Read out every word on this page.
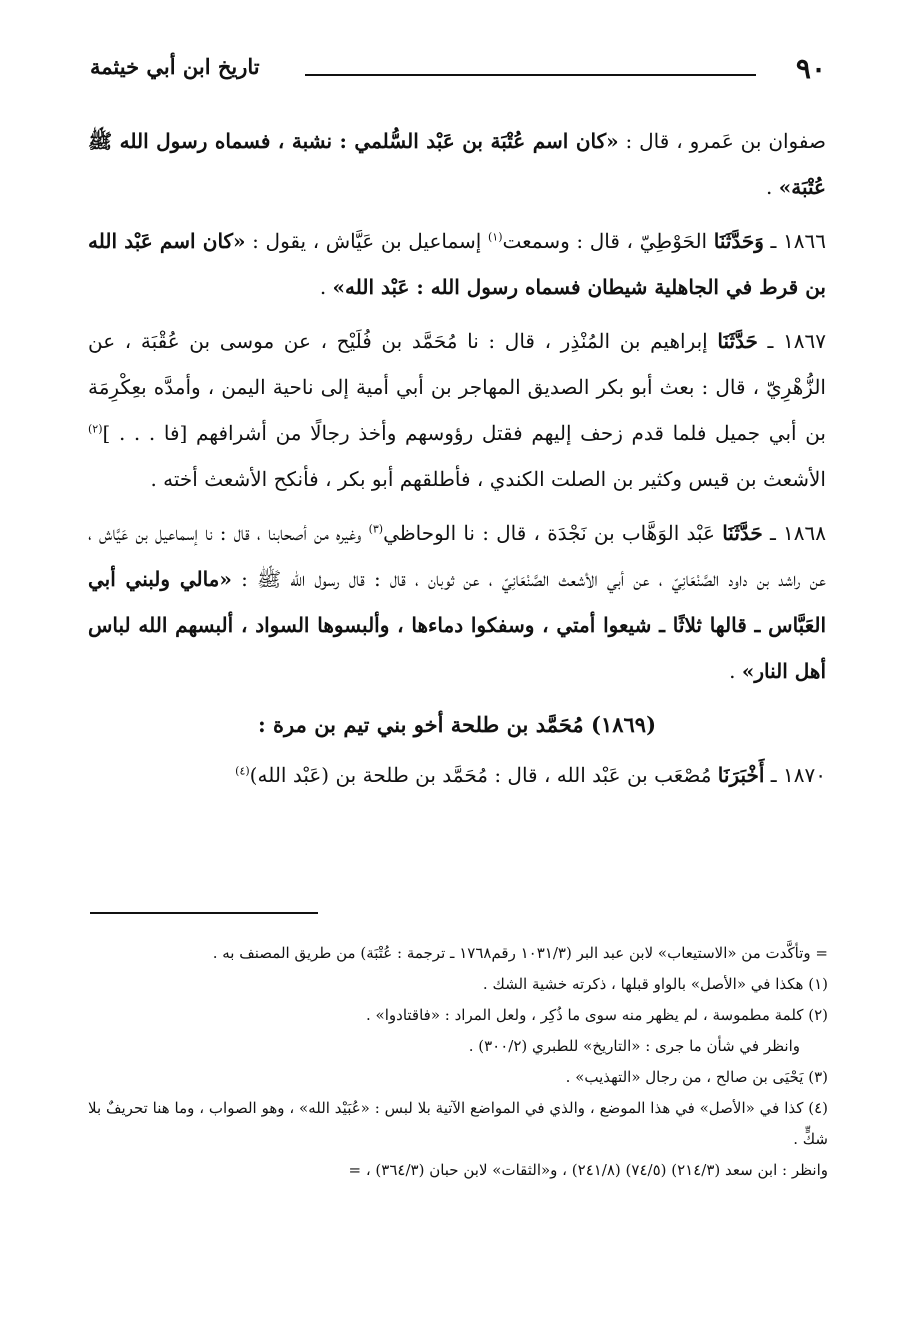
٩٠
تاريخ ابن أبي خيثمة

صفوان بن عَمرو ، قال : «كان اسم عُتْبَة بن عَبْد السُّلمي : نشبة ، فسماه رسول الله ﷺ عُتْبَة» .

١٨٦٦ ـ وَحَدَّثَنَا الحَوْطِيّ ، قال : وسمعت$^{(١)}$ إسماعيل بن عَيَّاش ، يقول : «كان اسم عَبْد الله بن قرط في الجاهلية شيطان فسماه رسول الله : عَبْد الله» .

١٨٦٧ ـ حَدَّثَنَا إبراهيم بن المُنْذِر ، قال : نا مُحَمَّد بن فُلَيْح ، عن موسى بن عُقْبَة ، عن الزُّهْرِيّ ، قال : بعث أبو بكر الصديق المهاجر بن أبي أمية إلى ناحية اليمن ، وأمدَّه بعِكْرِمَة بن أبي جميل فلما قدم زحف إليهم فقتل رؤوسهم وأخذ رجالًا من أشرافهم [فا . . . ]$^{(٢)}$ الأشعث بن قيس وكثير بن الصلت الكندي ، فأطلقهم أبو بكر ، فأنكح الأشعث أخته .

١٨٦٨ ـ حَدَّثَنَا عَبْد الوَهَّاب بن نَجْدَة ، قال : نا الوحاظي$^{(٣)}$ وغيره من أصحابنا ، قال : نا إسماعيل بن عَيَّاش ، عن راشد بن داود الصَّنْعَانِيّ ، عن أبي الأشعث الصَّنْعَانِيّ ، عن ثوبان ، قال : قال رسول الله ﷺ : «مالي ولبني أبي العَبَّاس ـ قالها ثلاثًا ـ شيعوا أمتي ، وسفكوا دماءها ، وألبسوها السواد ، ألبسهم الله لباس أهل النار» .

(١٨٦٩) مُحَمَّد بن طلحة أخو بني تيم بن مرة :

١٨٧٠ ـ أَخْبَرَنَا مُصْعَب بن عَبْد الله ، قال : مُحَمَّد بن طلحة بن (عَبْد الله)$^{(٤)}$

= وتأكَّدت من «الاستيعاب» لابن عبد البر (١٠٣١/٣ رقم١٧٦٨ ـ ترجمة : عُتْبَة) من طريق المصنف به .

(١) هكذا في «الأصل» بالواو قبلها ، ذكرته خشية الشك .

(٢) كلمة مطموسة ، لم يظهر منه سوى ما ذُكِر ، ولعل المراد : «فاقتادوا» .

وانظر في شأن ما جرى : «التاريخ» للطبري (٣٠٠/٢) .

(٣) يَحْيَى بن صالح ، من رجال «التهذيب» .

(٤) كذا في «الأصل» في هذا الموضع ، والذي في المواضع الآتية بلا لبس : «عُبَيْد الله» ، وهو الصواب ، وما هنا تحريفٌ بلا شكٍّ .

وانظر : ابن سعد (٢١٤/٣) (٧٤/٥) (٢٤١/٨) ، و«الثقات» لابن حبان (٣٦٤/٣) ، =
